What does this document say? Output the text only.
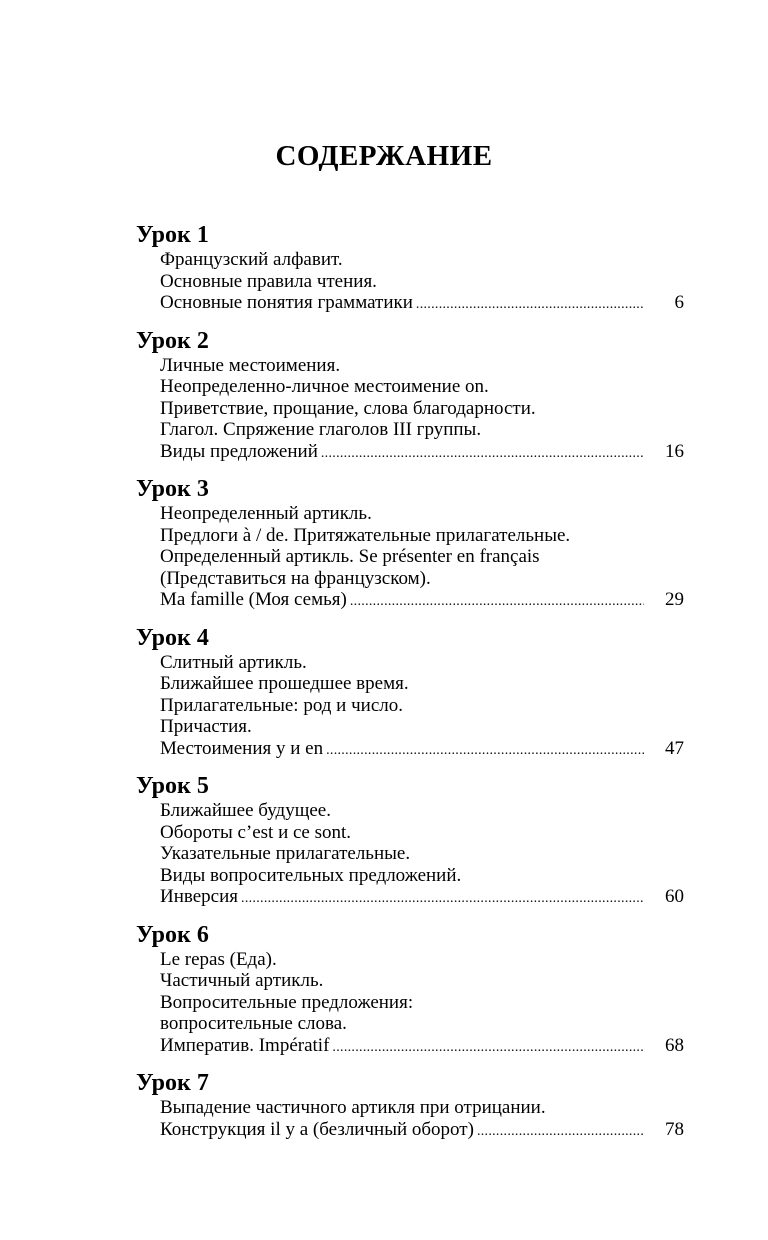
СОДЕРЖАНИЕ
Урок 1
Французский алфавит.
Основные правила чтения.
Основные понятия грамматики .....	6
Урок 2
Личные местоимения.
Неопределенно-личное местоимение on.
Приветствие, прощание, слова благодарности.
Глагол. Спряжение глаголов III группы.
Виды предложений .....	16
Урок 3
Неопределенный артикль.
Предлоги à / de. Притяжательные прилагательные.
Определенный артикль. Se présenter en français
(Представиться на французском).
Ma famille (Моя семья) .....	29
Урок 4
Слитный артикль.
Ближайшее прошедшее время.
Прилагательные: род и число.
Причастия.
Местоимения y и en .....	47
Урок 5
Ближайшее будущее.
Обороты c’est и ce sont.
Указательные прилагательные.
Виды вопросительных предложений.
Инверсия .....	60
Урок 6
Le repas (Еда).
Частичный артикль.
Вопросительные предложения:
вопросительные слова.
Императив. Impératif .....	68
Урок 7
Выпадение частичного артикля при отрицании.
Конструкция il y a (безличный оборот) .....	78
